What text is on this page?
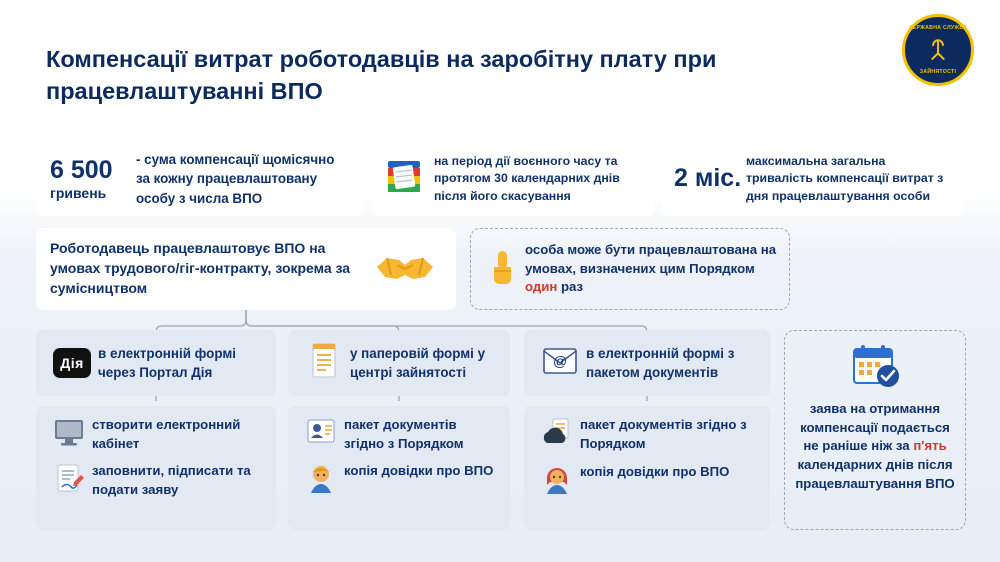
ДЕРЖАВНА СЛУЖБА
ЗАЙНЯТОСТІ
Компенсації витрат роботодавців на заробітну плату при працевлаштуванні ВПО
6 500
гривень
- сума компенсації щомісячно за кожну працевлаштовану особу з числа ВПО
на період дії воєнного часу та протягом 30 календарних днів після його скасування
2 міс.
максимальна загальна тривалість компенсації витрат з дня працевлаштування особи
Роботодавець працевлаштовує ВПО на умовах трудового/гіг-контракту, зокрема за сумісництвом
особа може бути працевлаштована на умовах, визначених цим Порядком один раз
Дія
в електронній формі через Портал Дія
у паперовій формі у центрі зайнятості
@ в електронній формі з пакетом документів
створити електронний кабінет
заповнити, підписати та подати заяву
пакет документів згідно з Порядком
копія довідки про ВПО
пакет документів згідно з Порядком
копія довідки про ВПО
заява на отримання компенсації подається не раніше ніж за п'ять календарних днів після працевлаштування ВПО
